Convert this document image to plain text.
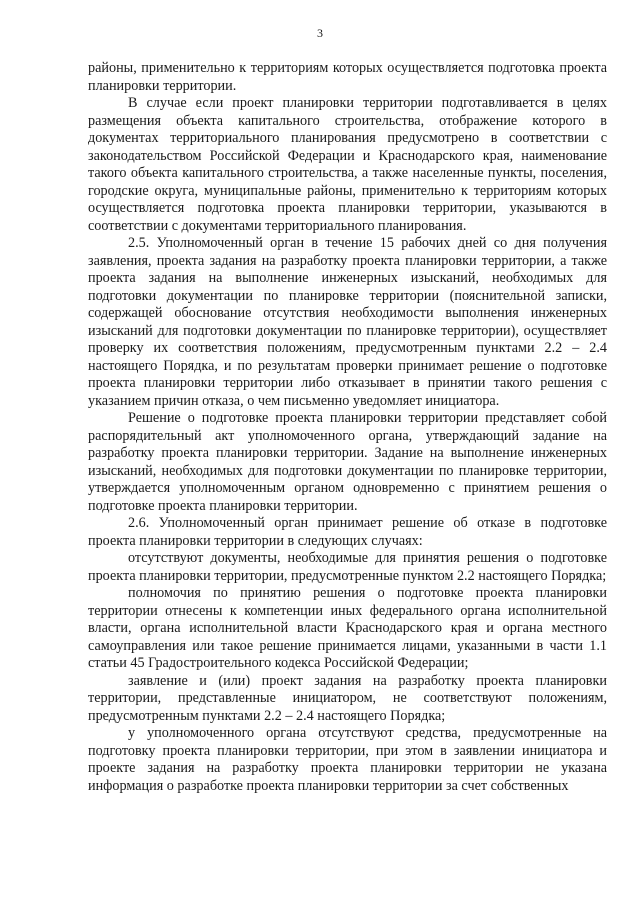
3

районы, применительно к территориям которых осуществляется подготовка проекта планировки территории.

В случае если проект планировки территории подготавливается в целях размещения объекта капитального строительства, отображение которого в документах территориального планирования предусмотрено в соответствии с законодательством Российской Федерации и Краснодарского края, наименование такого объекта капитального строительства, а также населенные пункты, поселения, городские округа, муниципальные районы, применительно к территориям которых осуществляется подготовка проекта планировки территории, указываются в соответствии с документами территориального планирования.

2.5. Уполномоченный орган в течение 15 рабочих дней со дня получения заявления, проекта задания на разработку проекта планировки территории, а также проекта задания на выполнение инженерных изысканий, необходимых для подготовки документации по планировке территории (пояснительной записки, содержащей обоснование отсутствия необходимости выполнения инженерных изысканий для подготовки документации по планировке территории), осуществляет проверку их соответствия положениям, предусмотренным пунктами 2.2 – 2.4 настоящего Порядка, и по результатам проверки принимает решение о подготовке проекта планировки территории либо отказывает в принятии такого решения с указанием причин отказа, о чем письменно уведомляет инициатора.

Решение о подготовке проекта планировки территории представляет собой распорядительный акт уполномоченного органа, утверждающий задание на разработку проекта планировки территории. Задание на выполнение инженерных изысканий, необходимых для подготовки документации по планировке территории, утверждается уполномоченным органом одновременно с принятием решения о подготовке проекта планировки территории.

2.6. Уполномоченный орган принимает решение об отказе в подготовке проекта планировки территории в следующих случаях:

отсутствуют документы, необходимые для принятия решения о подготовке проекта планировки территории, предусмотренные пунктом 2.2 настоящего Порядка;

полномочия по принятию решения о подготовке проекта планировки территории отнесены к компетенции иных федерального органа исполнительной власти, органа исполнительной власти Краснодарского края и органа местного самоуправления или такое решение принимается лицами, указанными в части 1.1 статьи 45 Градостроительного кодекса Российской Федерации;

заявление и (или) проект задания на разработку проекта планировки территории, представленные инициатором, не соответствуют положениям, предусмотренным пунктами 2.2 – 2.4 настоящего Порядка;

у уполномоченного органа отсутствуют средства, предусмотренные на подготовку проекта планировки территории, при этом в заявлении инициатора и проекте задания на разработку проекта планировки территории не указана информация о разработке проекта планировки территории за счет собственных
